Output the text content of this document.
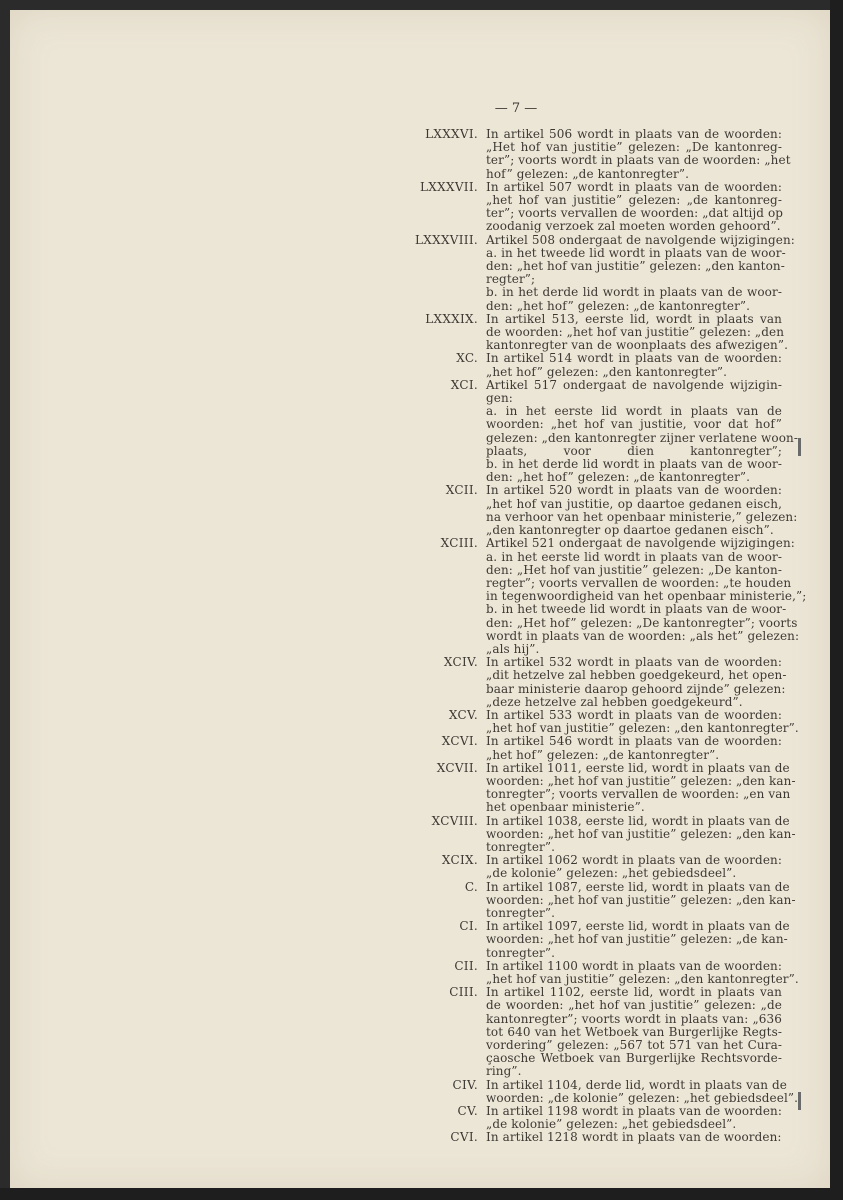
— 7 —
LXXXVI. In artikel 506 wordt in plaats van de woorden:
„Het hof van justitie” gelezen: „De kantonreg-
ter”; voorts wordt in plaats van de woorden: „het
hof” gelezen: „de kantonregter”.
LXXXVII. In artikel 507 wordt in plaats van de woorden:
„het hof van justitie” gelezen: „de kantonreg-
ter”; voorts vervallen de woorden: „dat altijd op
zoodanig verzoek zal moeten worden gehoord”.
LXXXVIII. Artikel 508 ondergaat de navolgende wijzigingen:
a. in het tweede lid wordt in plaats van de woor-
den: „het hof van justitie” gelezen: „den kanton-
regter”;
b. in het derde lid wordt in plaats van de woor-
den: „het hof” gelezen: „de kantonregter”.
LXXXIX. In artikel 513, eerste lid, wordt in plaats van
de woorden: „het hof van justitie” gelezen: „den
kantonregter van de woonplaats des afwezigen”.
XC. In artikel 514 wordt in plaats van de woorden:
„het hof” gelezen: „den kantonregter”.
XCI. Artikel 517 ondergaat de navolgende wijzigin-
gen:
a. in het eerste lid wordt in plaats van de
woorden: „het hof van justitie, voor dat hof”
gelezen: „den kantonregter zijner verlatene woon-
plaats, voor dien kantonregter”;
b. in het derde lid wordt in plaats van de woor-
den: „het hof” gelezen: „de kantonregter”.
XCII. In artikel 520 wordt in plaats van de woorden:
„het hof van justitie, op daartoe gedanen eisch,
na verhoor van het openbaar ministerie,” gelezen:
„den kantonregter op daartoe gedanen eisch”.
XCIII. Artikel 521 ondergaat de navolgende wijzigingen:
a. in het eerste lid wordt in plaats van de woor-
den: „Het hof van justitie” gelezen: „De kanton-
regter”; voorts vervallen de woorden: „te houden
in tegenwoordigheid van het openbaar ministerie,”;
b. in het tweede lid wordt in plaats van de woor-
den: „Het hof” gelezen: „De kantonregter”; voorts
wordt in plaats van de woorden: „als het” gelezen:
„als hij”.
XCIV. In artikel 532 wordt in plaats van de woorden:
„dit hetzelve zal hebben goedgekeurd, het open-
baar ministerie daarop gehoord zijnde” gelezen:
„deze hetzelve zal hebben goedgekeurd”.
XCV. In artikel 533 wordt in plaats van de woorden:
„het hof van justitie” gelezen: „den kantonregter”.
XCVI. In artikel 546 wordt in plaats van de woorden:
„het hof” gelezen: „de kantonregter”.
XCVII. In artikel 1011, eerste lid, wordt in plaats van de
woorden: „het hof van justitie” gelezen: „den kan-
tonregter”; voorts vervallen de woorden: „en van
het openbaar ministerie”.
XCVIII. In artikel 1038, eerste lid, wordt in plaats van de
woorden: „het hof van justitie” gelezen: „den kan-
tonregter”.
XCIX. In artikel 1062 wordt in plaats van de woorden:
„de kolonie” gelezen: „het gebiedsdeel”.
C. In artikel 1087, eerste lid, wordt in plaats van de
woorden: „het hof van justitie” gelezen: „den kan-
tonregter”.
CI. In artikel 1097, eerste lid, wordt in plaats van de
woorden: „het hof van justitie” gelezen: „de kan-
tonregter”.
CII. In artikel 1100 wordt in plaats van de woorden:
„het hof van justitie” gelezen: „den kantonregter”.
CIII. In artikel 1102, eerste lid, wordt in plaats van
de woorden: „het hof van justitie” gelezen: „de
kantonregter”; voorts wordt in plaats van: „636
tot 640 van het Wetboek van Burgerlijke Regts-
vordering” gelezen: „567 tot 571 van het Cura-
çaosche Wetboek van Burgerlijke Rechtsvorde-
ring”.
CIV. In artikel 1104, derde lid, wordt in plaats van de
woorden: „de kolonie” gelezen: „het gebiedsdeel”.
CV. In artikel 1198 wordt in plaats van de woorden:
„de kolonie” gelezen: „het gebiedsdeel”.
CVI. In artikel 1218 wordt in plaats van de woorden:
